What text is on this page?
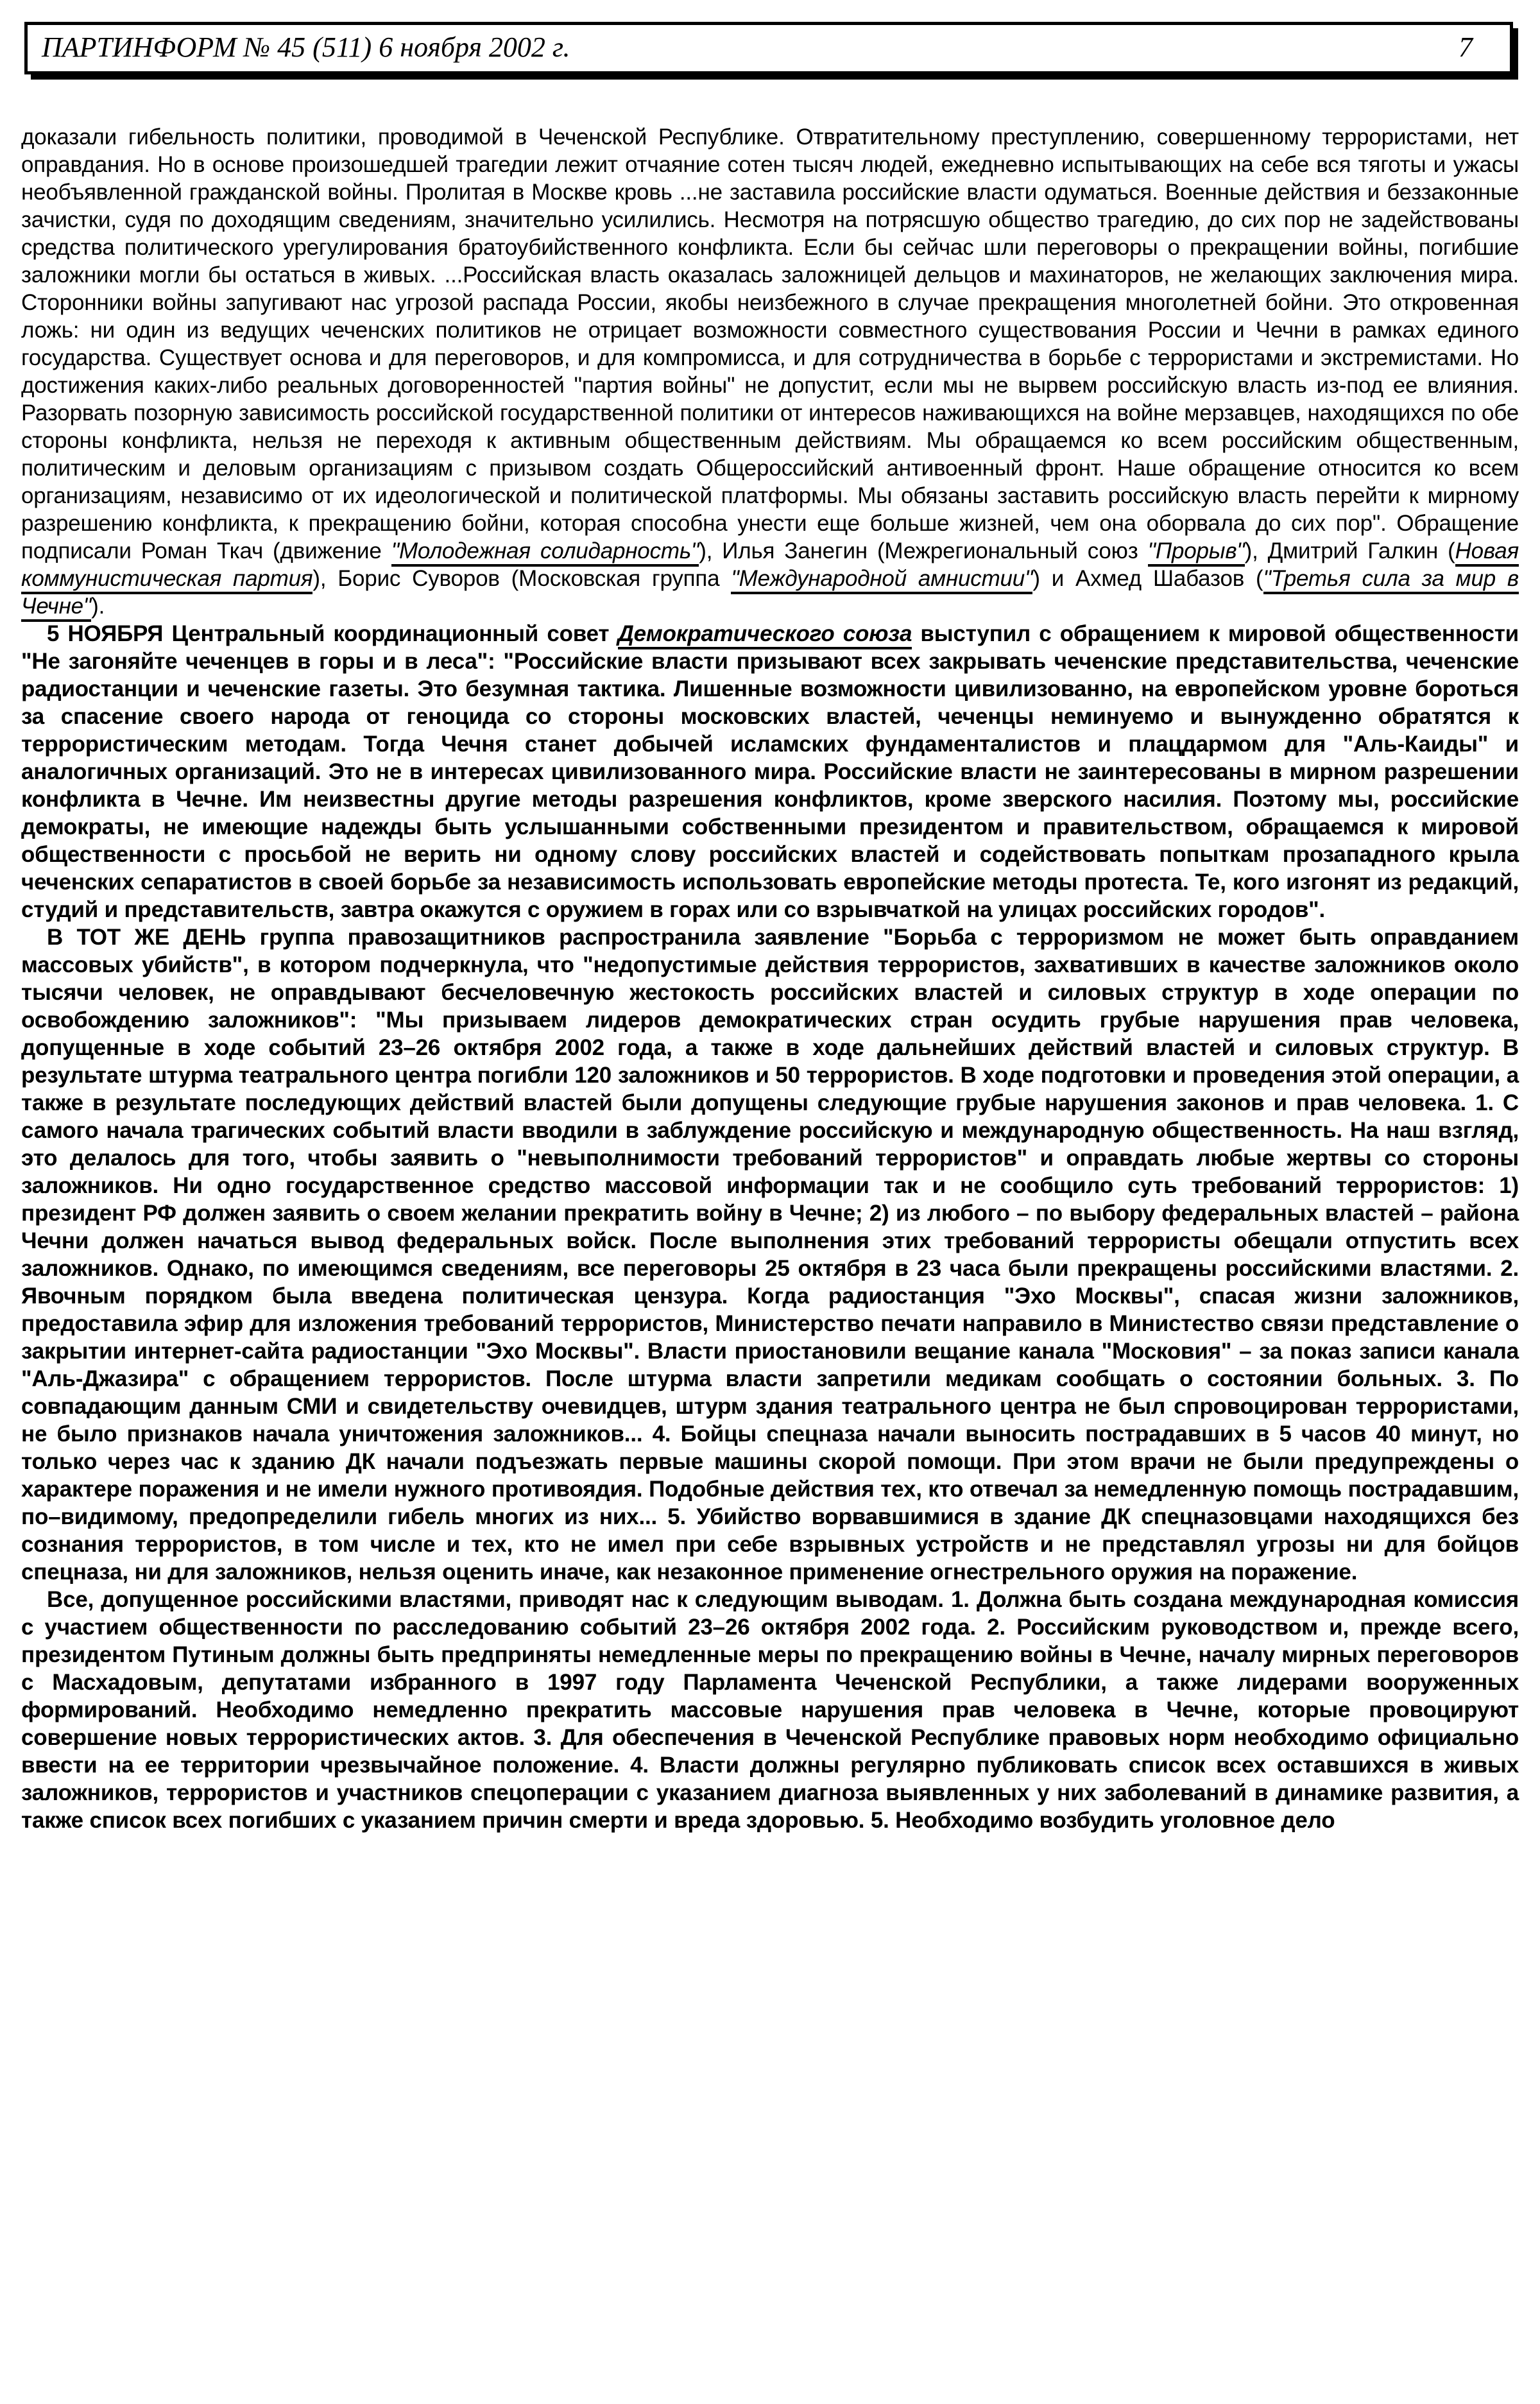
ПАРТИНФОРМ № 45 (511) 6 ноября 2002 г.	7

доказали гибельность политики, проводимой в Чеченской Республике. Отвратительному преступлению, совершенному террористами, нет оправдания. Но в основе произошедшей трагедии лежит отчаяние сотен тысяч людей, ежедневно испытывающих на себе вся тяготы и ужасы необъявленной гражданской войны. Пролитая в Москве кровь ...не заставила российские власти одуматься. Военные действия и беззаконные зачистки, судя по доходящим сведениям, значительно усилились. Несмотря на потрясшую общество трагедию, до сих пор не задействованы средства политического урегулирования братоубийственного конфликта. Если бы сейчас шли переговоры о прекращении войны, погибшие заложники могли бы остаться в живых. ...Российская власть оказалась заложницей дельцов и махинаторов, не желающих заключения мира. Сторонники войны запугивают нас угрозой распада России, якобы неизбежного в случае прекращения многолетней бойни. Это откровенная ложь: ни один из ведущих чеченских политиков не отрицает возможности совместного существования России и Чечни в рамках единого государства. Существует основа и для переговоров, и для компромисса, и для сотрудничества в борьбе с террористами и экстремистами. Но достижения каких-либо реальных договоренностей "партия войны" не допустит, если мы не вырвем российскую власть из-под ее влияния. Разорвать позорную зависимость российской государственной политики от интересов наживающихся на войне мерзавцев, находящихся по обе стороны конфликта, нельзя не переходя к активным общественным действиям. Мы обращаемся ко всем российским общественным, политическим и деловым организациям с призывом создать Общероссийский антивоенный фронт. Наше обращение относится ко всем организациям, независимо от их идеологической и политической платформы. Мы обязаны заставить российскую власть перейти к мирному разрешению конфликта, к прекращению бойни, которая способна унести еще больше жизней, чем она оборвала до сих пор". Обращение подписали Роман Ткач (движение "Молодежная солидарность"), Илья Занегин (Межрегиональный союз "Прорыв"), Дмитрий Галкин (Новая коммунистическая партия), Борис Суворов (Московская группа "Международной амнистии") и Ахмед Шабазов ("Третья сила за мир в Чечне").

5 НОЯБРЯ Центральный координационный совет Демократического союза выступил с обращением к мировой общественности "Не загоняйте чеченцев в горы и в леса": "Российские власти призывают всех закрывать чеченские представительства, чеченские радиостанции и чеченские газеты. Это безумная тактика. Лишенные возможности цивилизованно, на европейском уровне бороться за спасение своего народа от геноцида со стороны московских властей, чеченцы неминуемо и вынужденно обратятся к террористическим методам. Тогда Чечня станет добычей исламских фундаменталистов и плацдармом для "Аль-Каиды" и аналогичных организаций. Это не в интересах цивилизованного мира. Российские власти не заинтересованы в мирном разрешении конфликта в Чечне. Им неизвестны другие методы разрешения конфликтов, кроме зверского насилия. Поэтому мы, российские демократы, не имеющие надежды быть услышанными собственными президентом и правительством, обращаемся к мировой общественности с просьбой не верить ни одному слову российских властей и содействовать попыткам прозападного крыла чеченских сепаратистов в своей борьбе за независимость использовать европейские методы протеста. Те, кого изгонят из редакций, студий и представительств, завтра окажутся с оружием в горах или со взрывчаткой на улицах российских городов".

В ТОТ ЖЕ ДЕНЬ группа правозащитников распространила заявление "Борьба с терроризмом не может быть оправданием массовых убийств", в котором подчеркнула, что "недопустимые действия террористов, захвативших в качестве заложников около тысячи человек, не оправдывают бесчеловечную жестокость российских властей и силовых структур в ходе операции по освобождению заложников": "Мы призываем лидеров демократических стран осудить грубые нарушения прав человека, допущенные в ходе событий 23–26 октября 2002 года, а также в ходе дальнейших действий властей и силовых структур. В результате штурма театрального центра погибли 120 заложников и 50 террористов. В ходе подготовки и проведения этой операции, а также в результате последующих действий властей были допущены следующие грубые нарушения законов и прав человека. 1. С самого начала трагических событий власти вводили в заблуждение российскую и международную общественность. На наш взгляд, это делалось для того, чтобы заявить о "невыполнимости требований террористов" и оправдать любые жертвы со стороны заложников. Ни одно государственное средство массовой информации так и не сообщило суть требований террористов: 1) президент РФ должен заявить о своем желании прекратить войну в Чечне; 2) из любого – по выбору федеральных властей – района Чечни должен начаться вывод федеральных войск. После выполнения этих требований террористы обещали отпустить всех заложников. Однако, по имеющимся сведениям, все переговоры 25 октября в 23 часа были прекращены российскими властями. 2. Явочным порядком была введена политическая цензура. Когда радиостанция "Эхо Москвы", спасая жизни заложников, предоставила эфир для изложения требований террористов, Министерство печати направило в Министество связи представление о закрытии интернет-сайта радиостанции "Эхо Москвы". Власти приостановили вещание канала "Московия" – за показ записи канала "Аль-Джазира" с обращением террористов. После штурма власти запретили медикам сообщать о состоянии больных. 3. По совпадающим данным СМИ и свидетельству очевидцев, штурм здания театрального центра не был спровоцирован террористами, не было признаков начала уничтожения заложников... 4. Бойцы спецназа начали выносить пострадавших в 5 часов 40 минут, но только через час к зданию ДК начали подъезжать первые машины скорой помощи. При этом врачи не были предупреждены о характере поражения и не имели нужного противоядия. Подобные действия тех, кто отвечал за немедленную помощь пострадавшим, по–видимому, предопределили гибель многих из них... 5. Убийство ворвавшимися в здание ДК спецназовцами находящихся без сознания террористов, в том числе и тех, кто не имел при себе взрывных устройств и не представлял угрозы ни для бойцов спецназа, ни для заложников, нельзя оценить иначе, как незаконное применение огнестрельного оружия на поражение.

Все, допущенное российскими властями, приводят нас к следующим выводам. 1. Должна быть создана международная комиссия с участием общественности по расследованию событий 23–26 октября 2002 года. 2. Российским руководством и, прежде всего, президентом Путиным должны быть предприняты немедленные меры по прекращению войны в Чечне, началу мирных переговоров с Масхадовым, депутатами избранного в 1997 году Парламента Чеченской Республики, а также лидерами вооруженных формирований. Необходимо немедленно прекратить массовые нарушения прав человека в Чечне, которые провоцируют совершение новых террористических актов. 3. Для обеспечения в Чеченской Республике правовых норм необходимо официально ввести на ее территории чрезвычайное положение. 4. Власти должны регулярно публиковать список всех оставшихся в живых заложников, террористов и участников спецоперации с указанием диагноза выявленных у них заболеваний в динамике развития, а также список всех погибших с указанием причин смерти и вреда здоровью. 5. Необходимо возбудить уголовное дело
